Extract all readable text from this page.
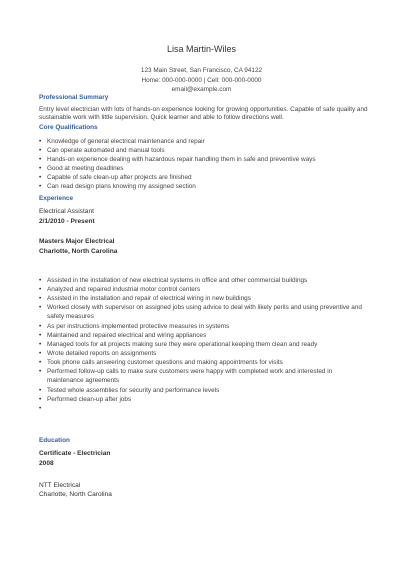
Lisa Martin-Wiles
123 Main Street, San Francisco, CA 94122
Home: 000-000-0000 | Cell: 000-000-0000
email@example.com
Professional Summary
Entry level electrician with lots of hands-on experience looking for growing opportunities. Capable of safe quality and sustainable work with little supervision. Quick learner and able to follow directions well.
Core Qualifications
• Knowledge of general electrical maintenance and repair
• Can operate automated and manual tools
• Hands-on experience dealing with hazardous repair handling them in safe and preventive ways
• Good at meeting deadlines
• Capable of safe clean-up after projects are finished
• Can read design plans knowing my assigned section
Experience
Electrical Assistant
2/1/2010 - Present
Masters Major Electrical
Charlotte, North Carolina
• Assisted in the installation of new electrical systems in office and other commercial buildings
• Analyzed and repaired industrial motor control centers
• Assisted in the installation and repair of electrical wiring in new buildings
• Worked closely with supervisor on assigned jobs using advice to deal with likely perils and using preventive and safety measures
• As per instructions implemented protective measures in systems
• Maintained and repaired electrical and wiring appliances
• Managed tools for all projects making sure they were operational keeping them clean and ready
• Wrote detailed reports on assignments
• Took phone calls answering customer questions and making appointments for visits
• Performed follow-up calls to make sure customers were happy with completed work and interested in maintenance agreements
• Tested whole assemblies for security and performance levels
• Performed clean-up after jobs
Education
Certificate - Electrician
2008
NTT Electrical
Charlotte, North Carolina
